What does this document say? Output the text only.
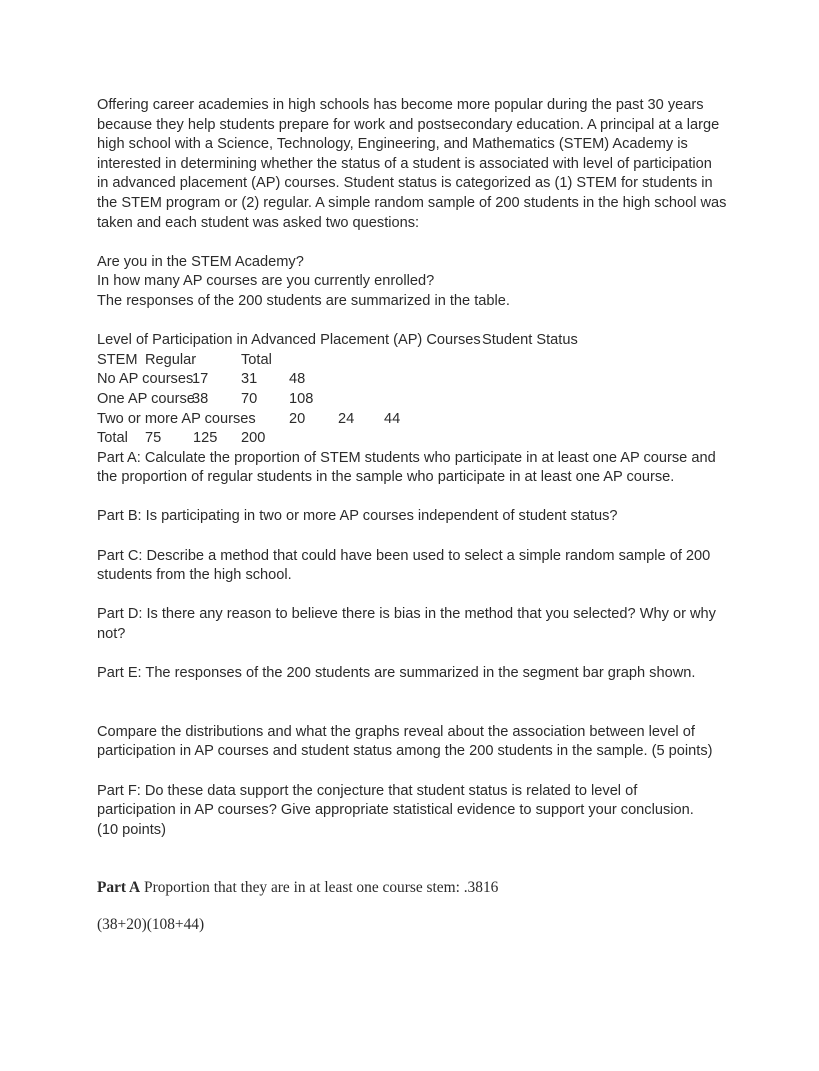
Offering career academies in high schools has become more popular during the past 30 years because they help students prepare for work and postsecondary education. A principal at a large high school with a Science, Technology, Engineering, and Mathematics (STEM) Academy is interested in determining whether the status of a student is associated with level of participation in advanced placement (AP) courses. Student status is categorized as (1) STEM for students in the STEM program or (2) regular. A simple random sample of 200 students in the high school was taken and each student was asked two questions:

Are you in the STEM Academy?

In how many AP courses are you currently enrolled?

The responses of the 200 students are summarized in the table.

Level of Participation in Advanced Placement (AP) Courses Student Status
STEM Regular	Total
No AP courses
17 31 48
One AP course
38 70 108
Two or more AP courses 20 24 44
Total 75 125 200

Part A: Calculate the proportion of STEM students who participate in at least one AP course and the proportion of regular students in the sample who participate in at least one AP course.

Part B: Is participating in two or more AP courses independent of student status?

Part C: Describe a method that could have been used to select a simple random sample of 200 students from the high school.

Part D: Is there any reason to believe there is bias in the method that you selected? Why or why not?

Part E: The responses of the 200 students are summarized in the segment bar graph shown.

Compare the distributions and what the graphs reveal about the association between level of participation in AP courses and student status among the 200 students in the sample. (5 points)

Part F: Do these data support the conjecture that student status is related to level of

participation in AP courses? Give appropriate statistical evidence to support your conclusion.

(10 points)

Part A Proportion that they are in at least one course stem: .3816

(38+20)(108+44)
